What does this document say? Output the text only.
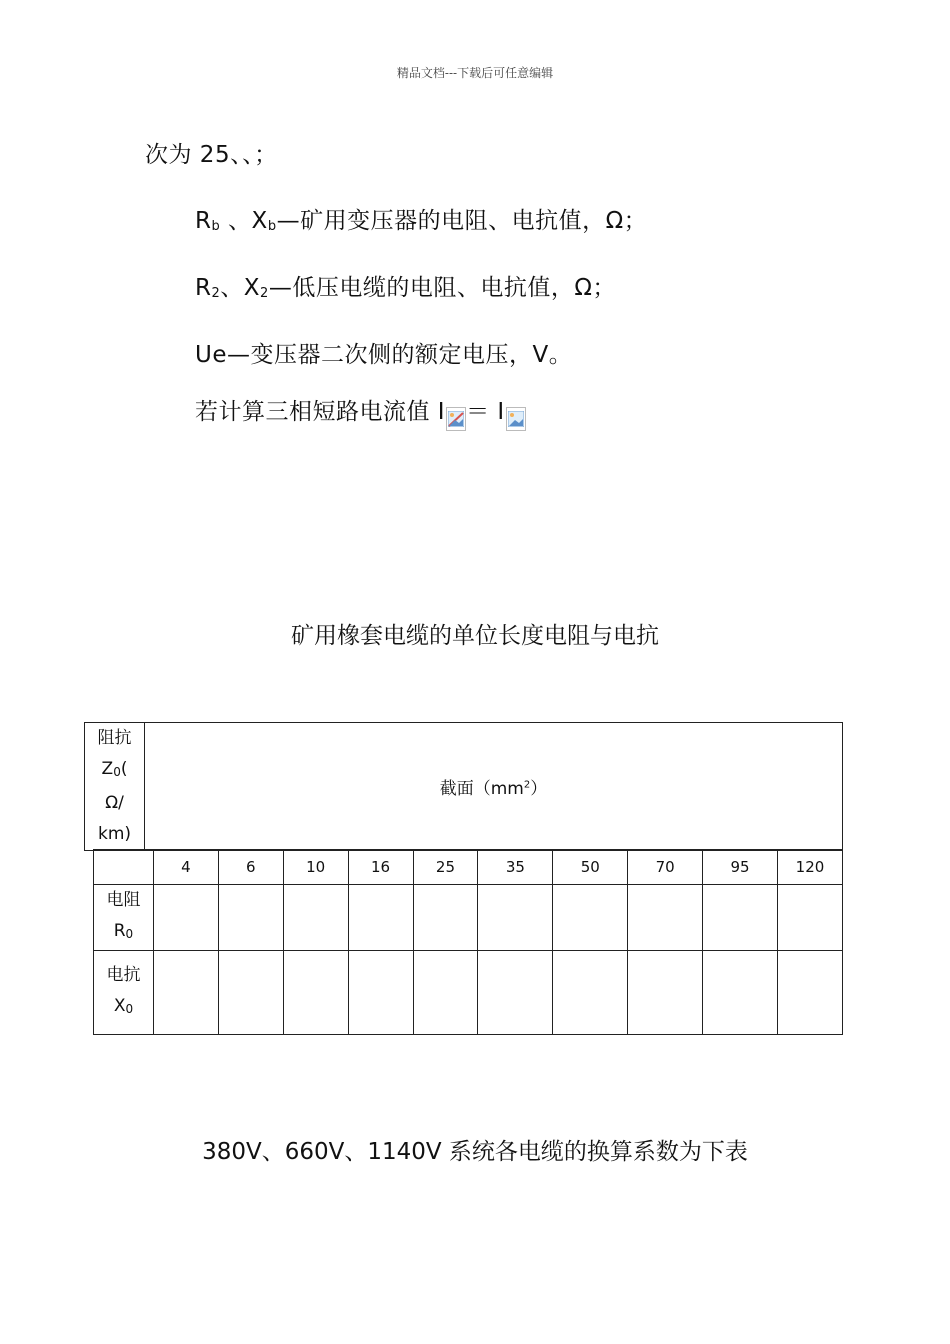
精品文档---下载后可任意编辑
次为 25、、；
Rb 、Xb—矿用变压器的电阻、电抗值，Ω；
R2、X2—低压电缆的电阻、电抗值，Ω；
Ue—变压器二次侧的额定电压，V。
若计算三相短路电流值 I ＝ I
矿用橡套电缆的单位长度电阻与电抗
阻抗
Z0(
Ω/
km)
	截面$(mm^2)$
	4	6	10	16	25	35	50	70	95	120

电阻
R0										

电抗
X0										

380V、660V、1140V 系统各电缆的换算系数为下表
